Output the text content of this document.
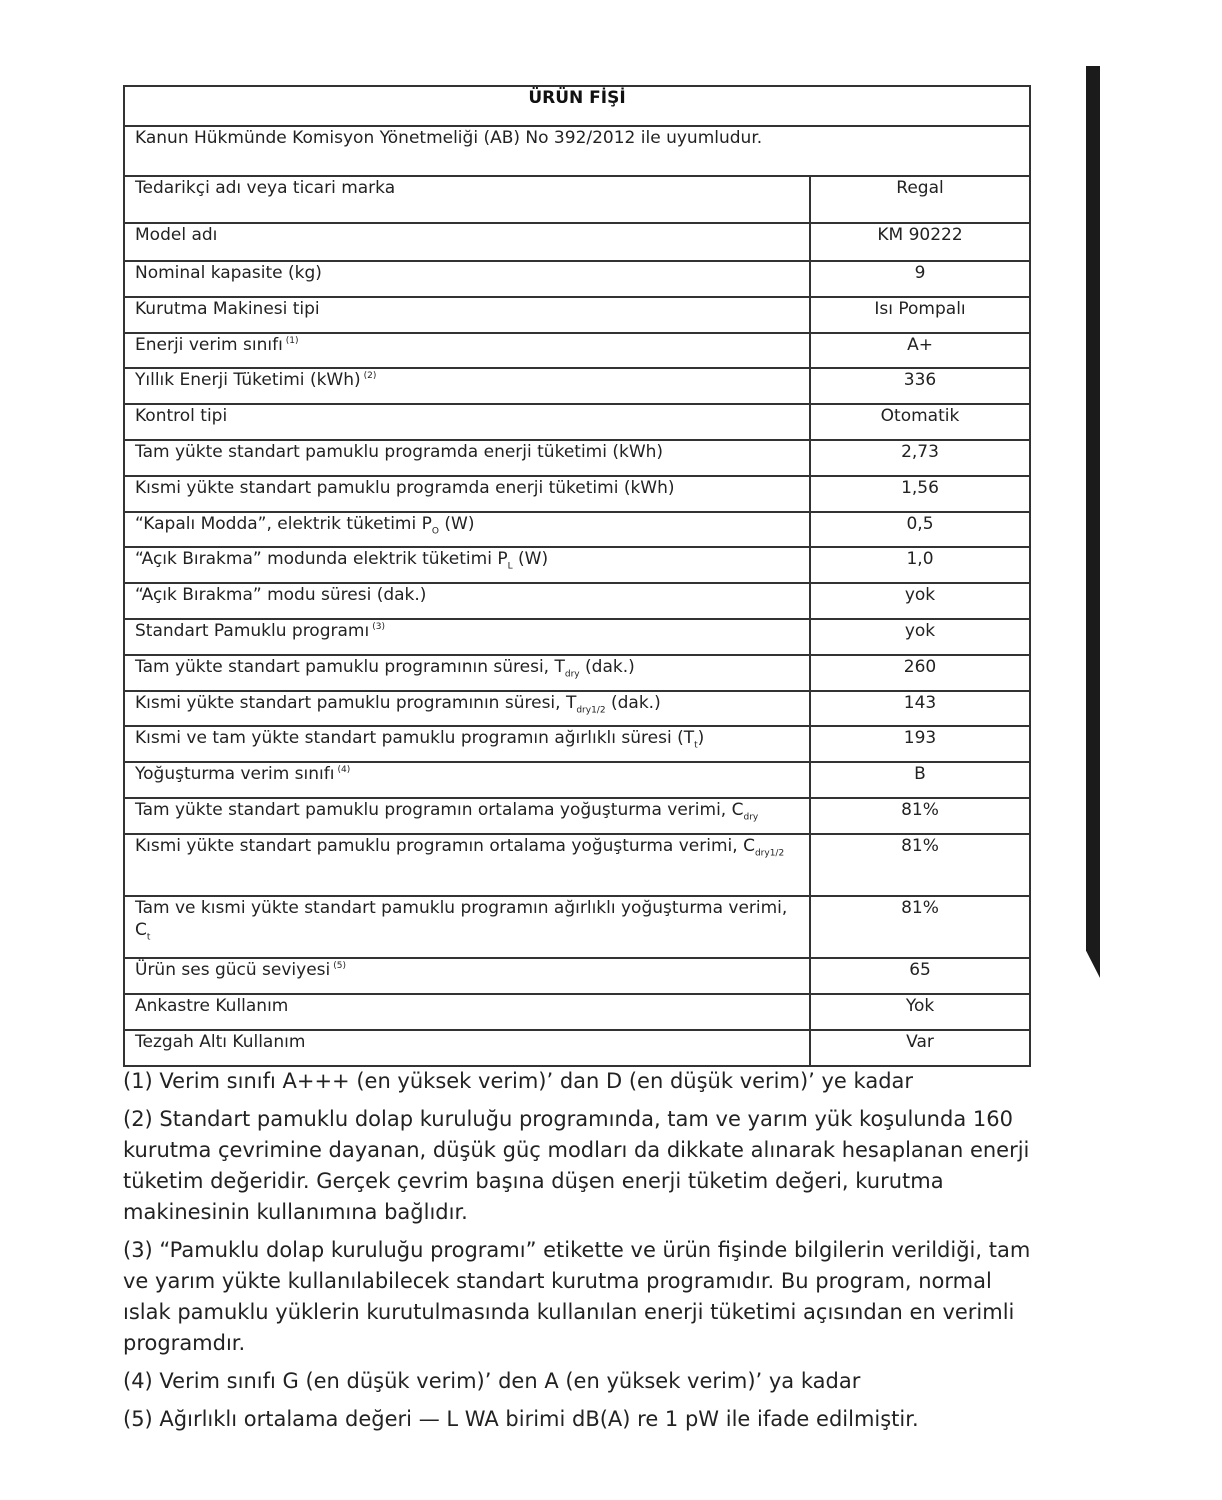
ÜRÜN FİŞİ	
Kanun Hükmünde Komisyon Yönetmeliği (AB) No 392/2012 ile uyumludur.	
Tedarikçi adı veya ticari marka	Regal
Model adı	KM 90222
Nominal kapasite (kg)	9
Kurutma Makinesi tipi	Isı Pompalı
Enerji verim sınıfı $^{(1)}$	A+
Yıllık Enerji Tüketimi (kWh) $^{(2)}$	336
Kontrol tipi	Otomatik
Tam yükte standart pamuklu programda enerji tüketimi (kWh)	2,73
Kısmi yükte standart pamuklu programda enerji tüketimi (kWh)	1,56
“Kapalı Modda”, elektrik tüketimi $P_O$ (W)	0,5
“Açık Bırakma” modunda elektrik tüketimi $P_L$ (W)	1,0
“Açık Bırakma” modu süresi (dak.)	yok
Standart Pamuklu programı $^{(3)}$	yok
Tam yükte standart pamuklu programının süresi, $T_{dry}$ (dak.)	260
Kısmi yükte standart pamuklu programının süresi, $T_{dry1/2}$ (dak.)	143
Kısmi ve tam yükte standart pamuklu programın ağırlıklı süresi $(T_t)$	193
Yoğuşturma verim sınıfı $^{(4)}$	B
Tam yükte standart pamuklu programın ortalama yoğuşturma verimi, $C_{dry}$	81%
Kısmi yükte standart pamuklu programın ortalama yoğuşturma verimi, $C_{dry1/2}$	81%
Tam ve kısmi yükte standart pamuklu programın ağırlıklı yoğuşturma verimi, $C_t$	81%
Ürün ses gücü seviyesi $^{(5)}$	65
Ankastre Kullanım	Yok
Tezgah Altı Kullanım	Var

(1) Verim sınıfı A+++ (en yüksek verim)’ dan D (en düşük verim)’ ye kadar

(2) Standart pamuklu dolap kuruluğu programında, tam ve yarım yük koşulunda 160 kurutma çevrimine dayanan, düşük güç modları da dikkate alınarak hesaplanan enerji tüketim değeridir. Gerçek çevrim başına düşen enerji tüketim değeri, kurutma makinesinin kullanımına bağlıdır.

(3) “Pamuklu dolap kuruluğu programı” etikette ve ürün fişinde bilgilerin verildiği, tam ve yarım yükte kullanılabilecek standart kurutma programıdır. Bu program, normal ıslak pamuklu yüklerin kurutulmasında kullanılan enerji tüketimi açısından en verimli programdır.

(4) Verim sınıfı G (en düşük verim)’ den A (en yüksek verim)’ ya kadar

(5) Ağırlıklı ortalama değeri — L WA birimi dB(A) re 1 pW ile ifade edilmiştir.
